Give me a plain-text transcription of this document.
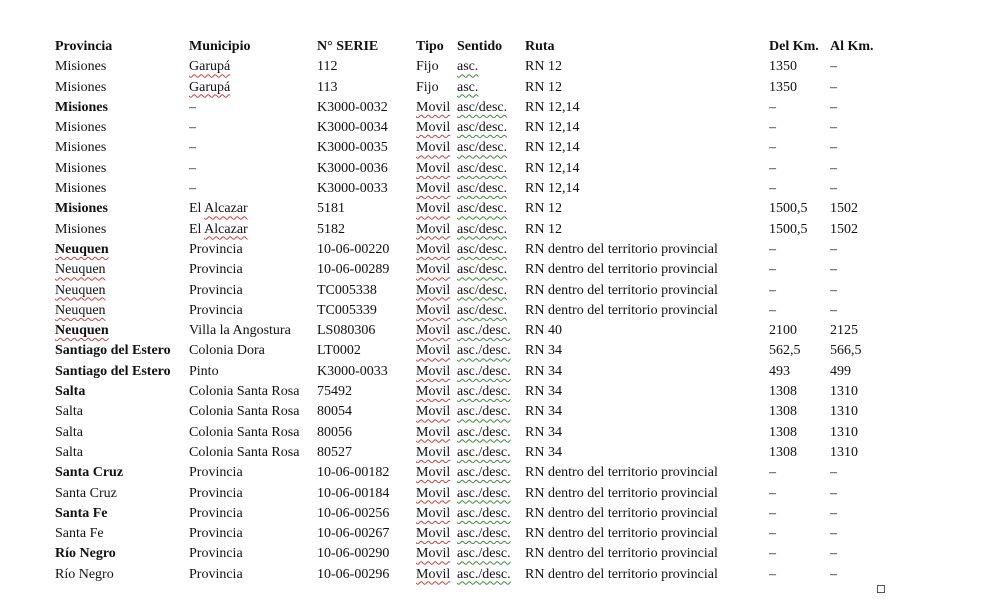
Provincia	Municipio	N° SERIE	Tipo	Sentido	Ruta	Del Km.	Al Km.
Misiones	Garupá	112	Fijo	asc.	RN 12	1350	–
Misiones	Garupá	113	Fijo	asc.	RN 12	1350	–
Misiones	–	K3000-0032	Movil	asc/desc.	RN 12,14	–	–
Misiones	–	K3000-0034	Movil	asc/desc.	RN 12,14	–	–
Misiones	–	K3000-0035	Movil	asc/desc.	RN 12,14	–	–
Misiones	–	K3000-0036	Movil	asc/desc.	RN 12,14	–	–
Misiones	–	K3000-0033	Movil	asc/desc.	RN 12,14	–	–
Misiones	El Alcazar	5181	Movil	asc/desc.	RN 12	1500,5	1502
Misiones	El Alcazar	5182	Movil	asc/desc.	RN 12	1500,5	1502
Neuquen	Provincia	10-06-00220	Movil	asc/desc.	RN dentro del territorio provincial	–	–
Neuquen	Provincia	10-06-00289	Movil	asc/desc.	RN dentro del territorio provincial	–	–
Neuquen	Provincia	TC005338	Movil	asc/desc.	RN dentro del territorio provincial	–	–
Neuquen	Provincia	TC005339	Movil	asc/desc.	RN dentro del territorio provincial	–	–
Neuquen	Villa la Angostura	LS080306	Movil	asc./desc.	RN 40	2100	2125
Santiago del Estero	Colonia Dora	LT0002	Movil	asc./desc.	RN 34	562,5	566,5
Santiago del Estero	Pinto	K3000-0033	Movil	asc./desc.	RN 34	493	499
Salta	Colonia Santa Rosa	75492	Movil	asc./desc.	RN 34	1308	1310
Salta	Colonia Santa Rosa	80054	Movil	asc./desc.	RN 34	1308	1310
Salta	Colonia Santa Rosa	80056	Movil	asc./desc.	RN 34	1308	1310
Salta	Colonia Santa Rosa	80527	Movil	asc./desc.	RN 34	1308	1310
Santa Cruz	Provincia	10-06-00182	Movil	asc./desc.	RN dentro del territorio provincial	–	–
Santa Cruz	Provincia	10-06-00184	Movil	asc./desc.	RN dentro del territorio provincial	–	–
Santa Fe	Provincia	10-06-00256	Movil	asc./desc.	RN dentro del territorio provincial	–	–
Santa Fe	Provincia	10-06-00267	Movil	asc./desc.	RN dentro del territorio provincial	–	–
Río Negro	Provincia	10-06-00290	Movil	asc./desc.	RN dentro del territorio provincial	–	–
Río Negro	Provincia	10-06-00296	Movil	asc./desc.	RN dentro del territorio provincial	–	–
